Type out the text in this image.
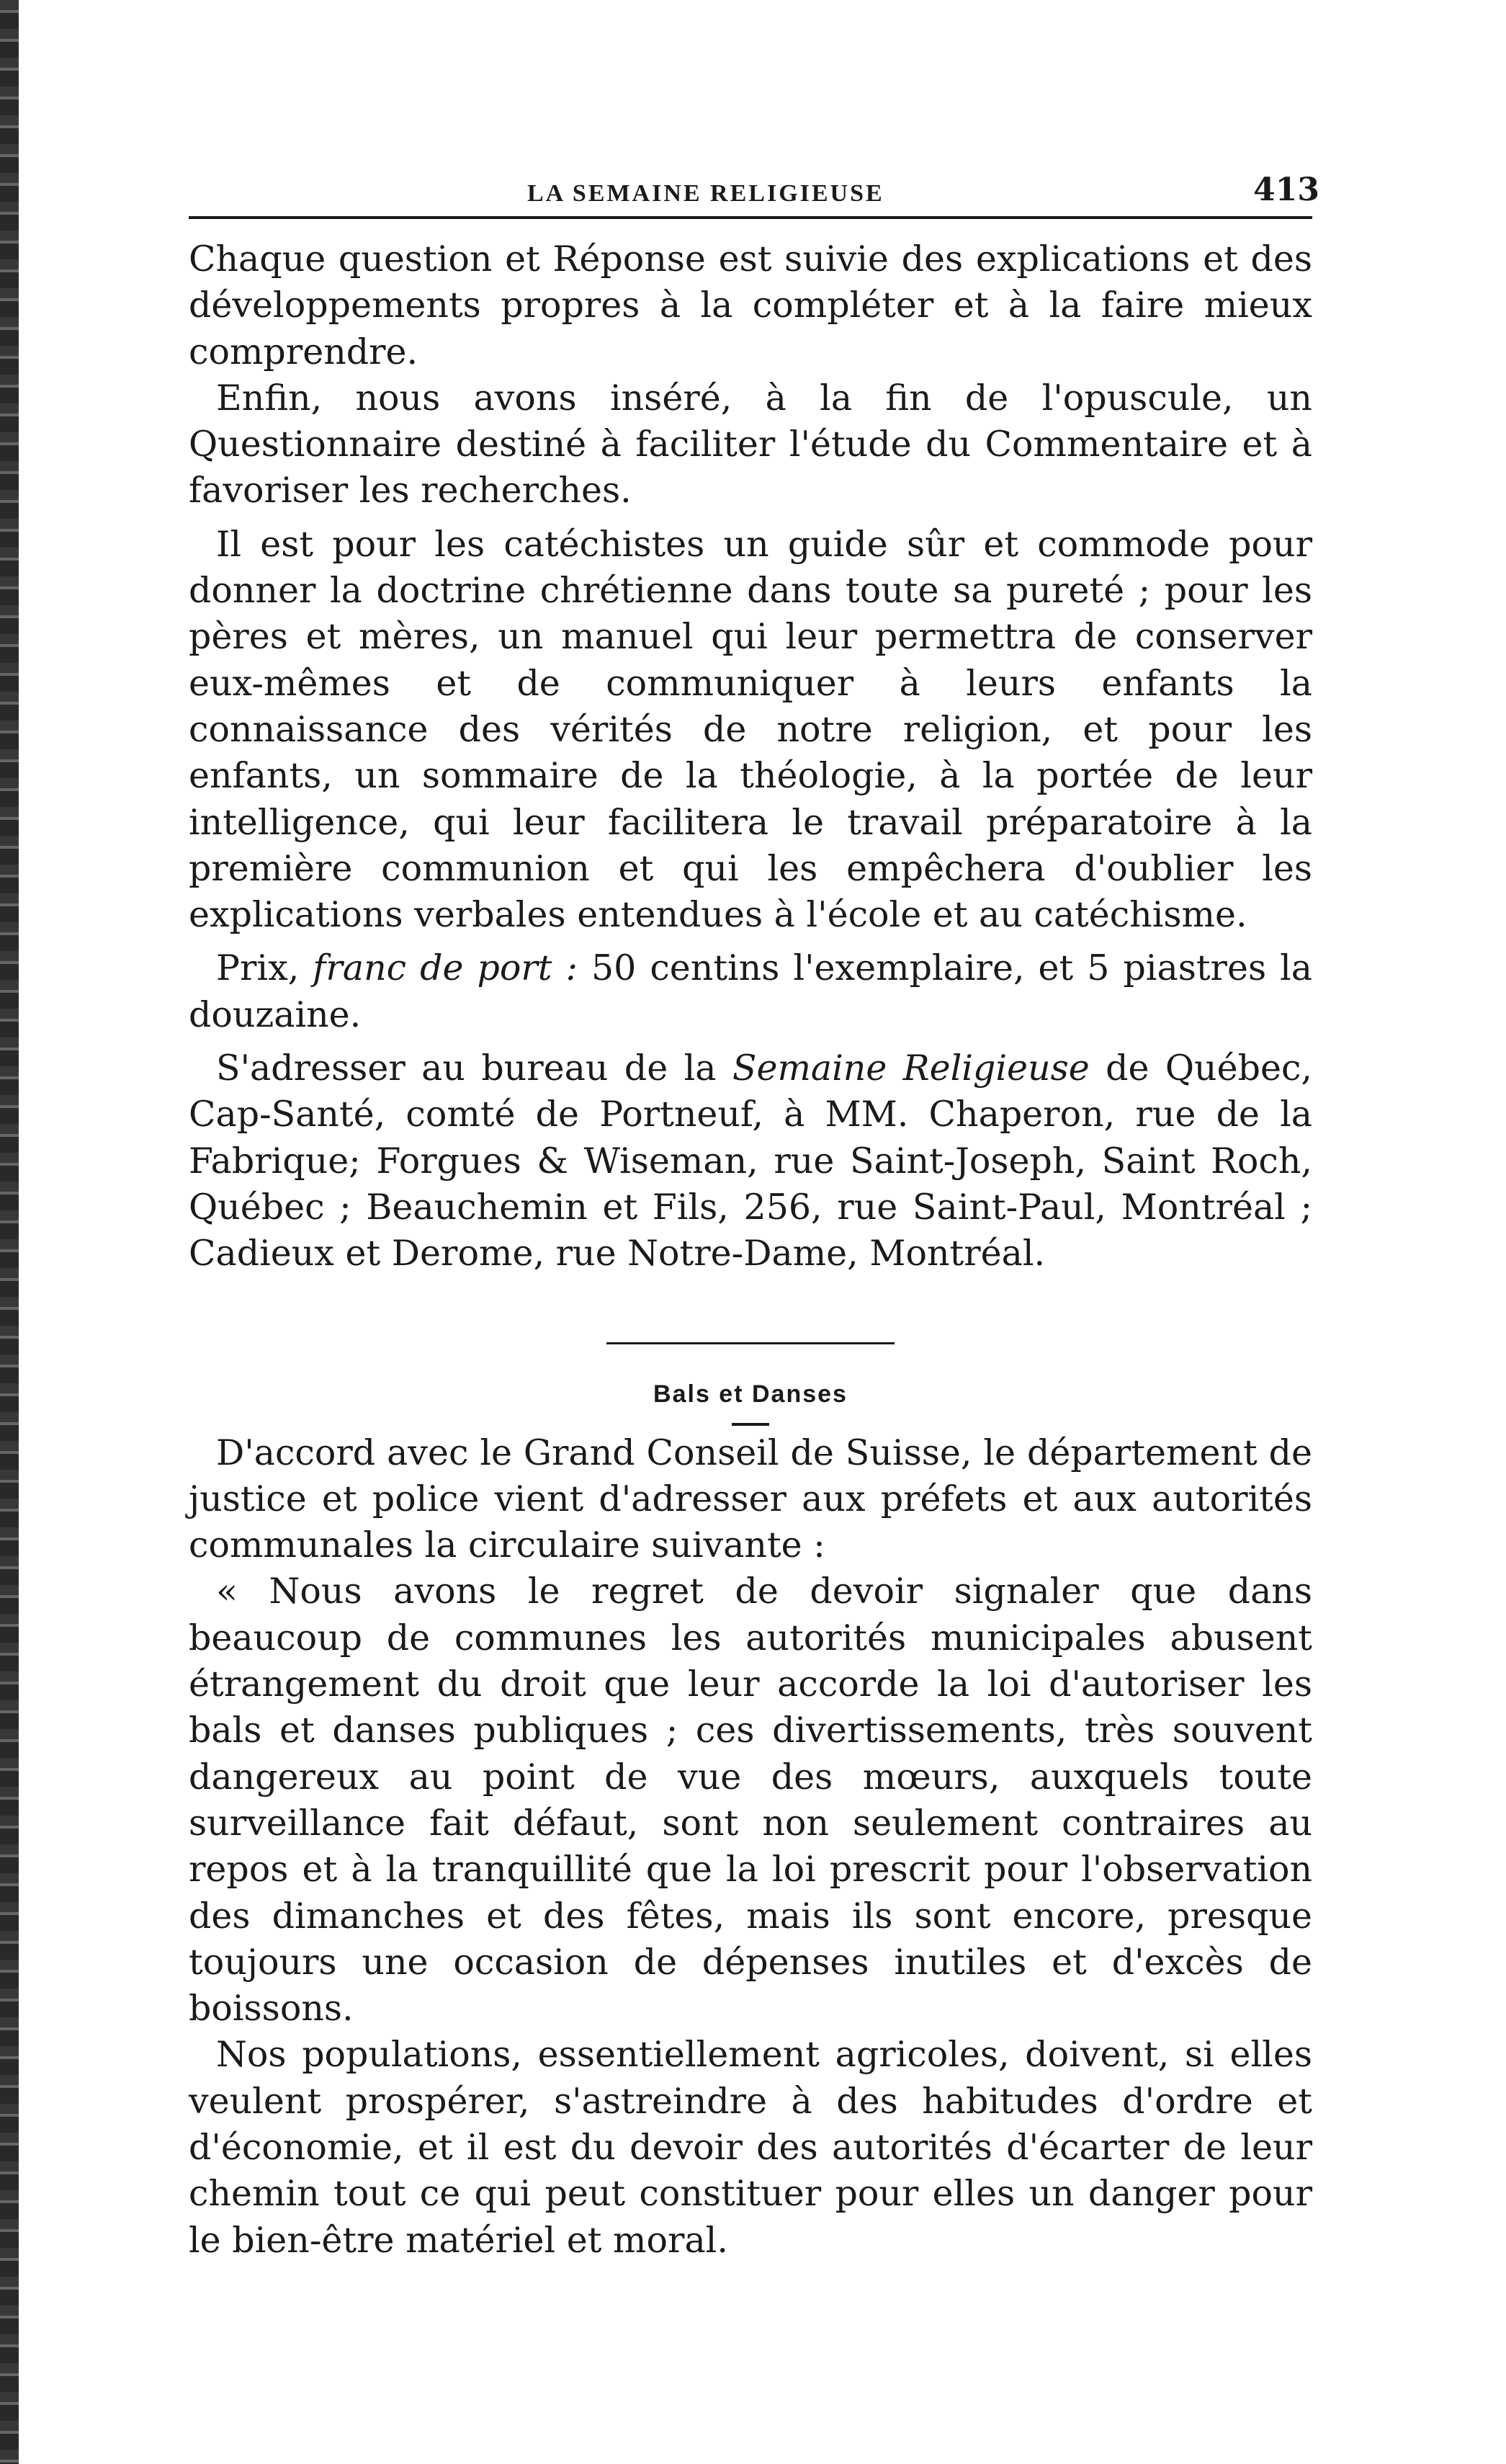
LA SEMAINE RELIGIEUSE	413

Chaque question et Réponse est suivie des explications et des développements propres à la compléter et à la faire mieux comprendre.

Enfin, nous avons inséré, à la fin de l'opuscule, un Questionnaire destiné à faciliter l'étude du Commentaire et à favoriser les recherches.

Il est pour les catéchistes un guide sûr et commode pour donner la doctrine chrétienne dans toute sa pureté ; pour les pères et mères, un manuel qui leur permettra de conserver eux-mêmes et de communiquer à leurs enfants la connaissance des vérités de notre religion, et pour les enfants, un sommaire de la théologie, à la portée de leur intelligence, qui leur facilitera le travail préparatoire à la première communion et qui les empêchera d'oublier les explications verbales entendues à l'école et au catéchisme.

Prix, franc de port : 50 centins l'exemplaire, et 5 piastres la douzaine.

S'adresser au bureau de la Semaine Religieuse de Québec, Cap-Santé, comté de Portneuf, à MM. Chaperon, rue de la Fabrique; Forgues & Wiseman, rue Saint-Joseph, Saint Roch, Québec ; Beauchemin et Fils, 256, rue Saint-Paul, Montréal ; Cadieux et Derome, rue Notre-Dame, Montréal.

Bals et Danses

D'accord avec le Grand Conseil de Suisse, le département de justice et police vient d'adresser aux préfets et aux autorités communales la circulaire suivante :

« Nous avons le regret de devoir signaler que dans beaucoup de communes les autorités municipales abusent étrangement du droit que leur accorde la loi d'autoriser les bals et danses publiques ; ces divertissements, très souvent dangereux au point de vue des mœurs, auxquels toute surveillance fait défaut, sont non seulement contraires au repos et à la tranquillité que la loi prescrit pour l'observation des dimanches et des fêtes, mais ils sont encore, presque toujours une occasion de dépenses inutiles et d'excès de boissons.

Nos populations, essentiellement agricoles, doivent, si elles veulent prospérer, s'astreindre à des habitudes d'ordre et d'économie, et il est du devoir des autorités d'écarter de leur chemin tout ce qui peut constituer pour elles un danger pour le bien-être matériel et moral.
